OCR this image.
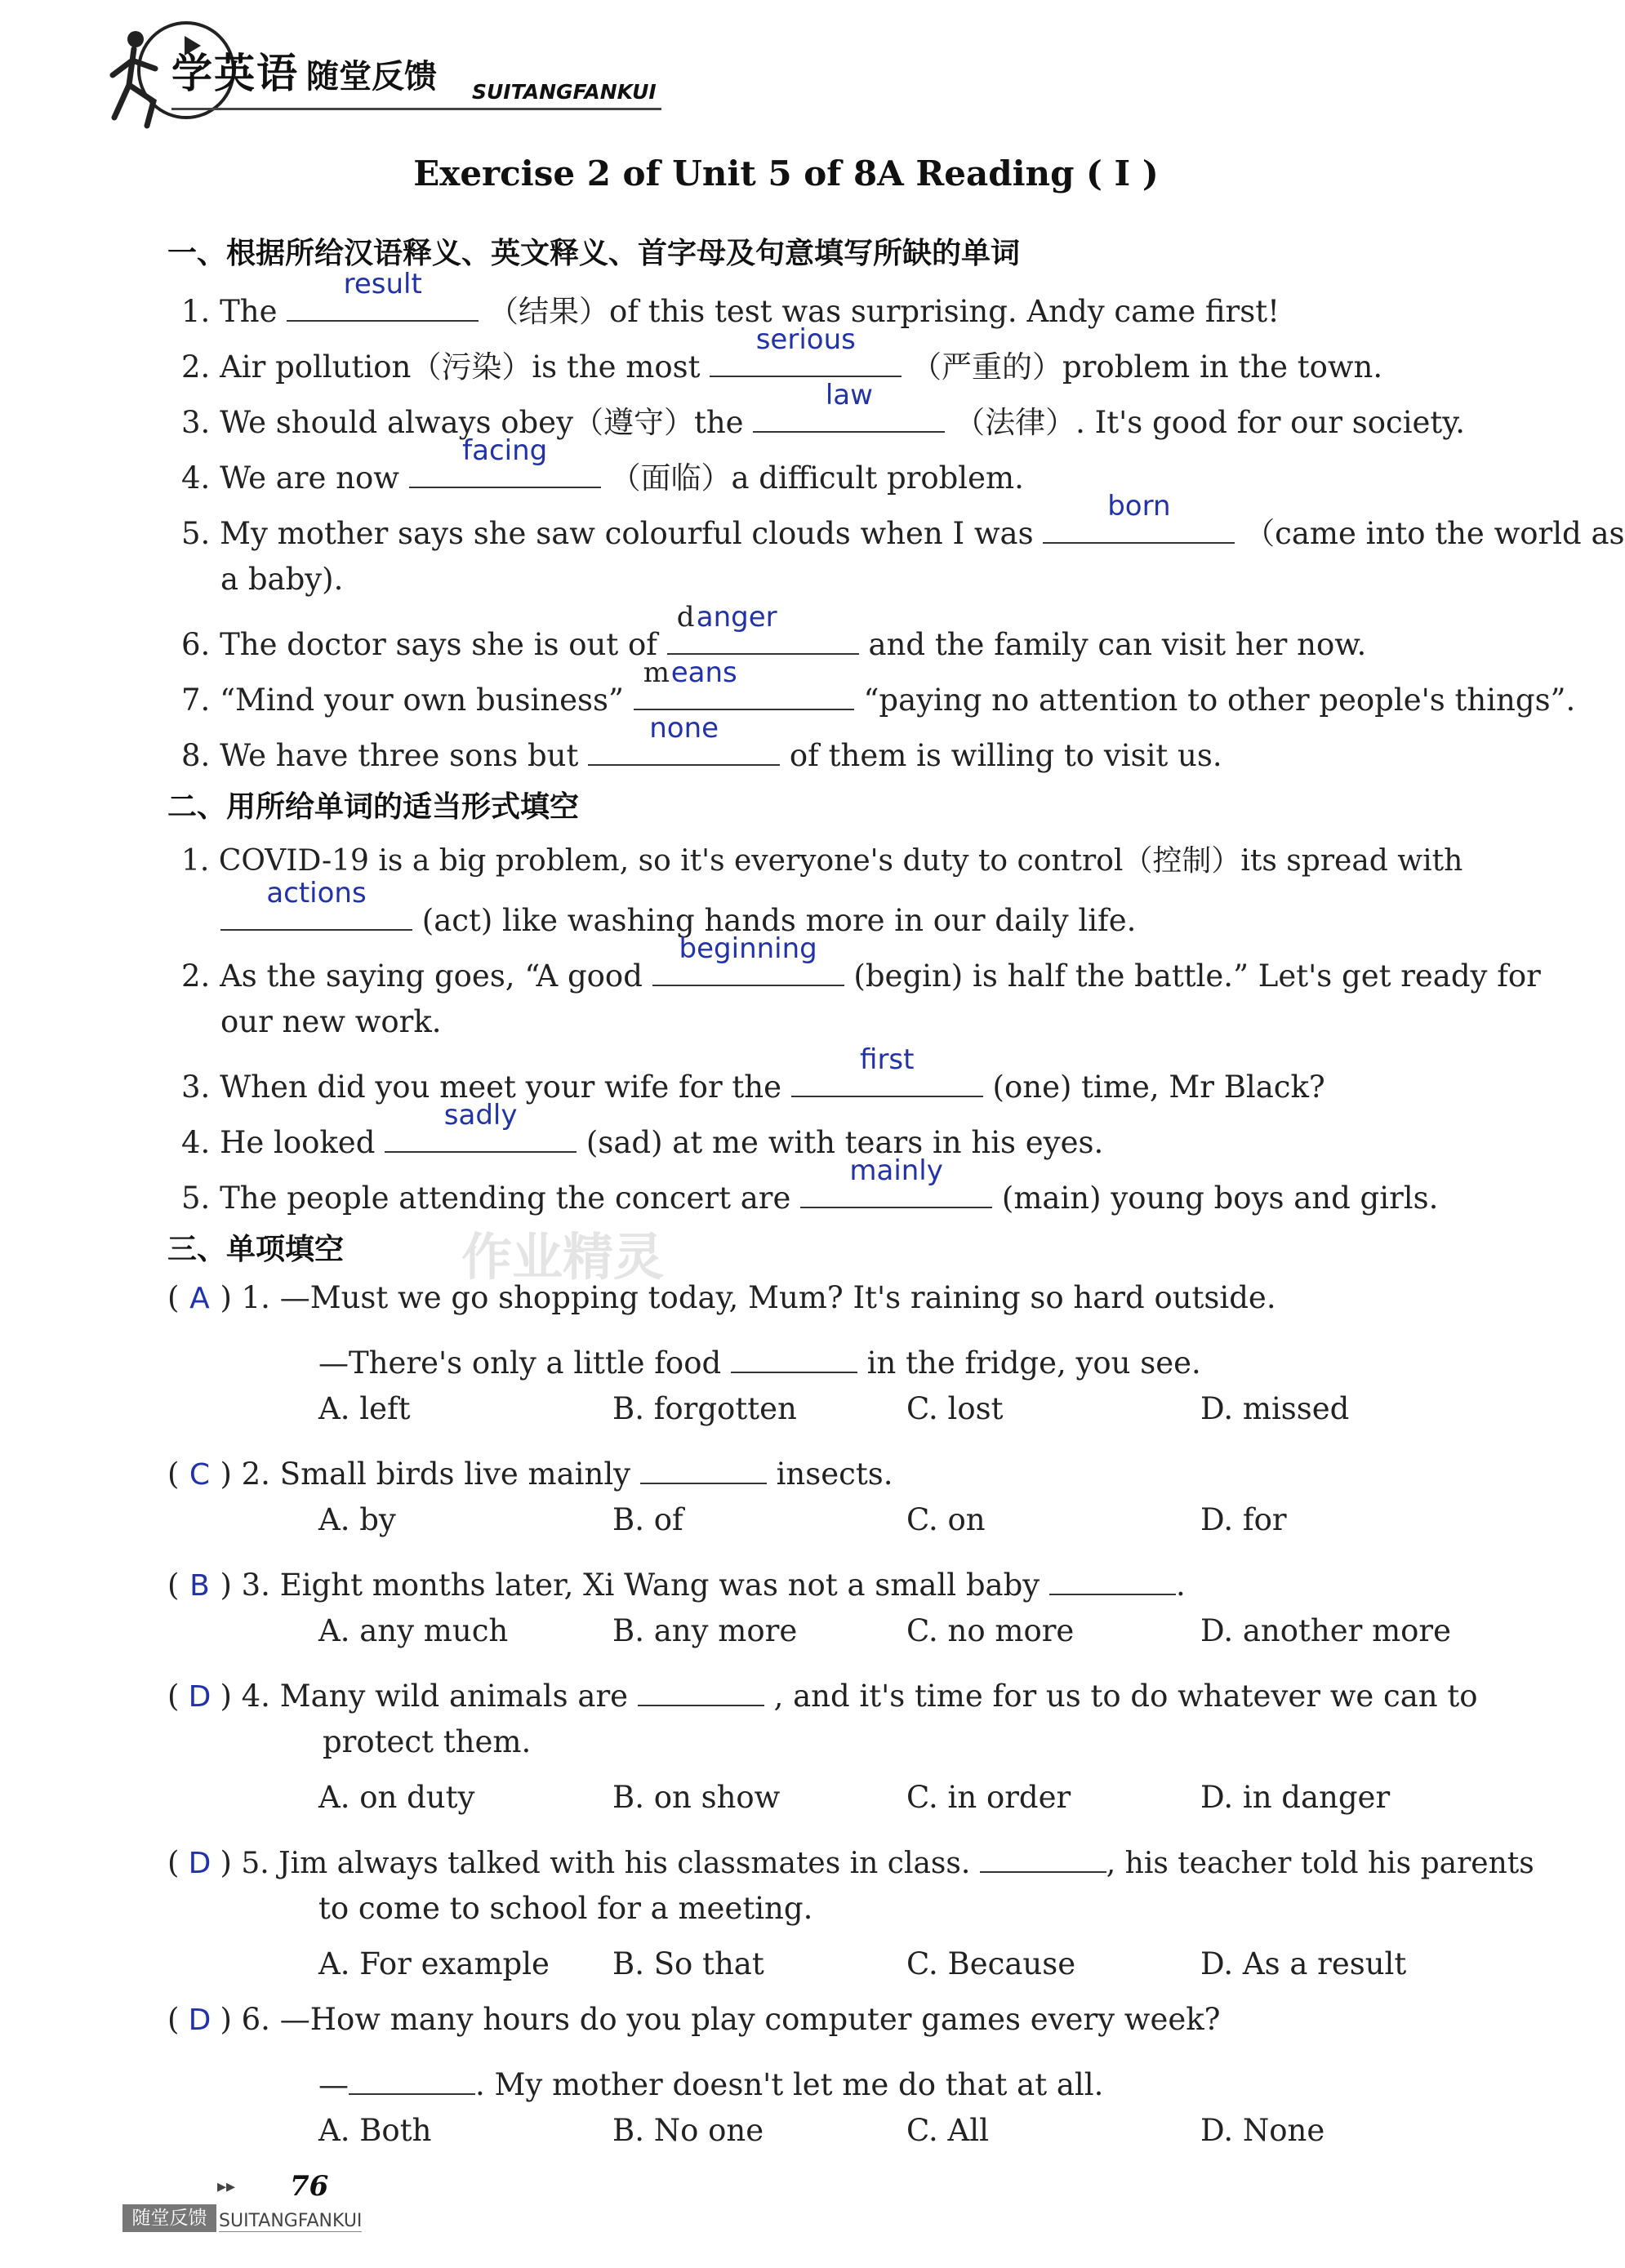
学英语 随堂反馈 SUITANGFANKUI
Exercise 2 of Unit 5 of 8A Reading ( Ⅰ )
作业精灵
一、根据所给汉语释义、英文释义、首字母及句意填写所缺的单词
1. The
result
（结果）of this test was surprising. Andy came first!
2. Air pollution（污染）is the most
serious
（严重的）problem in the town.
3. We should always obey（遵守）the
law
（法律）. It's good for our society.
4. We are now
facing
（面临）a difficult problem.
5. My mother says she saw colourful clouds when I was
born
（came into the world as
a baby).
6. The doctor says she is out of
d anger
and the family can visit her now.
7. “Mind your own business”
m eans
“paying no attention to other people's things”.
8. We have three sons but
none
of them is willing to visit us.
二、用所给单词的适当形式填空
1. COVID-19 is a big problem, so it's everyone's duty to control（控制）its spread with
actions
(act) like washing hands more in our daily life.
2. As the saying goes, “A good
beginning
(begin) is half the battle.” Let's get ready for
our new work.
3. When did you meet your wife for the
first
(one) time, Mr Black?
4. He looked
sadly
(sad) at me with tears in his eyes.
5. The people attending the concert are
mainly
(main) young boys and girls.
三、单项填空
( A ) 1. —Must we go shopping today, Mum? It's raining so hard outside.
—There's only a little food	in the fridge, you see.
A. left	B. forgotten	C. lost	D. missed
( C ) 2. Small birds live mainly	insects.
A. by	B. of	C. on	D. for
( B ) 3. Eight months later, Xi Wang was not a small baby	.
A. any much	B. any more	C. no more	D. another more
( D ) 4. Many wild animals are	, and it's time for us to do whatever we can to
protect them.
A. on duty	B. on show	C. in order	D. in danger
( D ) 5. Jim always talked with his classmates in class.	, his teacher told his parents
to come to school for a meeting.
A. For example B. So that	C. Because	D. As a result
( D ) 6. —How many hours do you play computer games every week?
—	. My mother doesn't let me do that at all.
A. Both	B. No one	C. All	D. None
▸▸ 76
随堂反馈 SUITANGFANKUI
